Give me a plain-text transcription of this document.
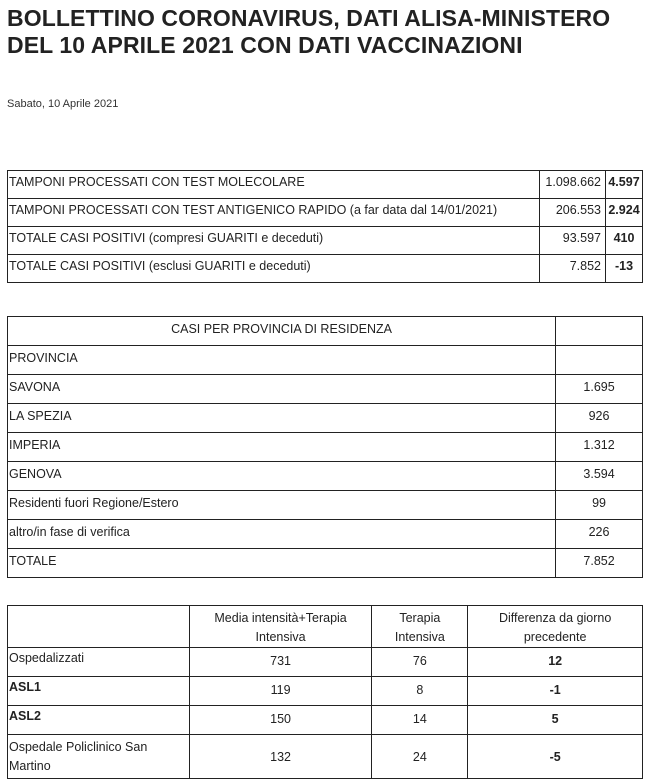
BOLLETTINO CORONAVIRUS, DATI ALISA-MINISTERO DEL 10 APRILE 2021 CON DATI VACCINAZIONI
Sabato, 10 Aprile 2021
TAMPONI PROCESSATI CON TEST MOLECOLARE	1.098.662	4.597
TAMPONI PROCESSATI CON TEST ANTIGENICO RAPIDO (a far data dal 14/01/2021)	206.553	2.924
TOTALE CASI POSITIVI (compresi GUARITI e deceduti)	93.597	410
TOTALE CASI POSITIVI (esclusi GUARITI e deceduti)	7.852	-13
CASI PER PROVINCIA DI RESIDENZA	
PROVINCIA	
SAVONA	1.695
LA SPEZIA	926
IMPERIA	1.312
GENOVA	3.594
Residenti fuori Regione/Estero	99
altro/in fase di verifica	226
TOTALE	7.852
	Media intensità+Terapia Intensiva	Terapia Intensiva	Differenza da giorno precedente
Ospedalizzati	731	76	12
ASL1	119	8	-1
ASL2	150	14	5
Ospedale Policlinico San Martino	132	24	-5
